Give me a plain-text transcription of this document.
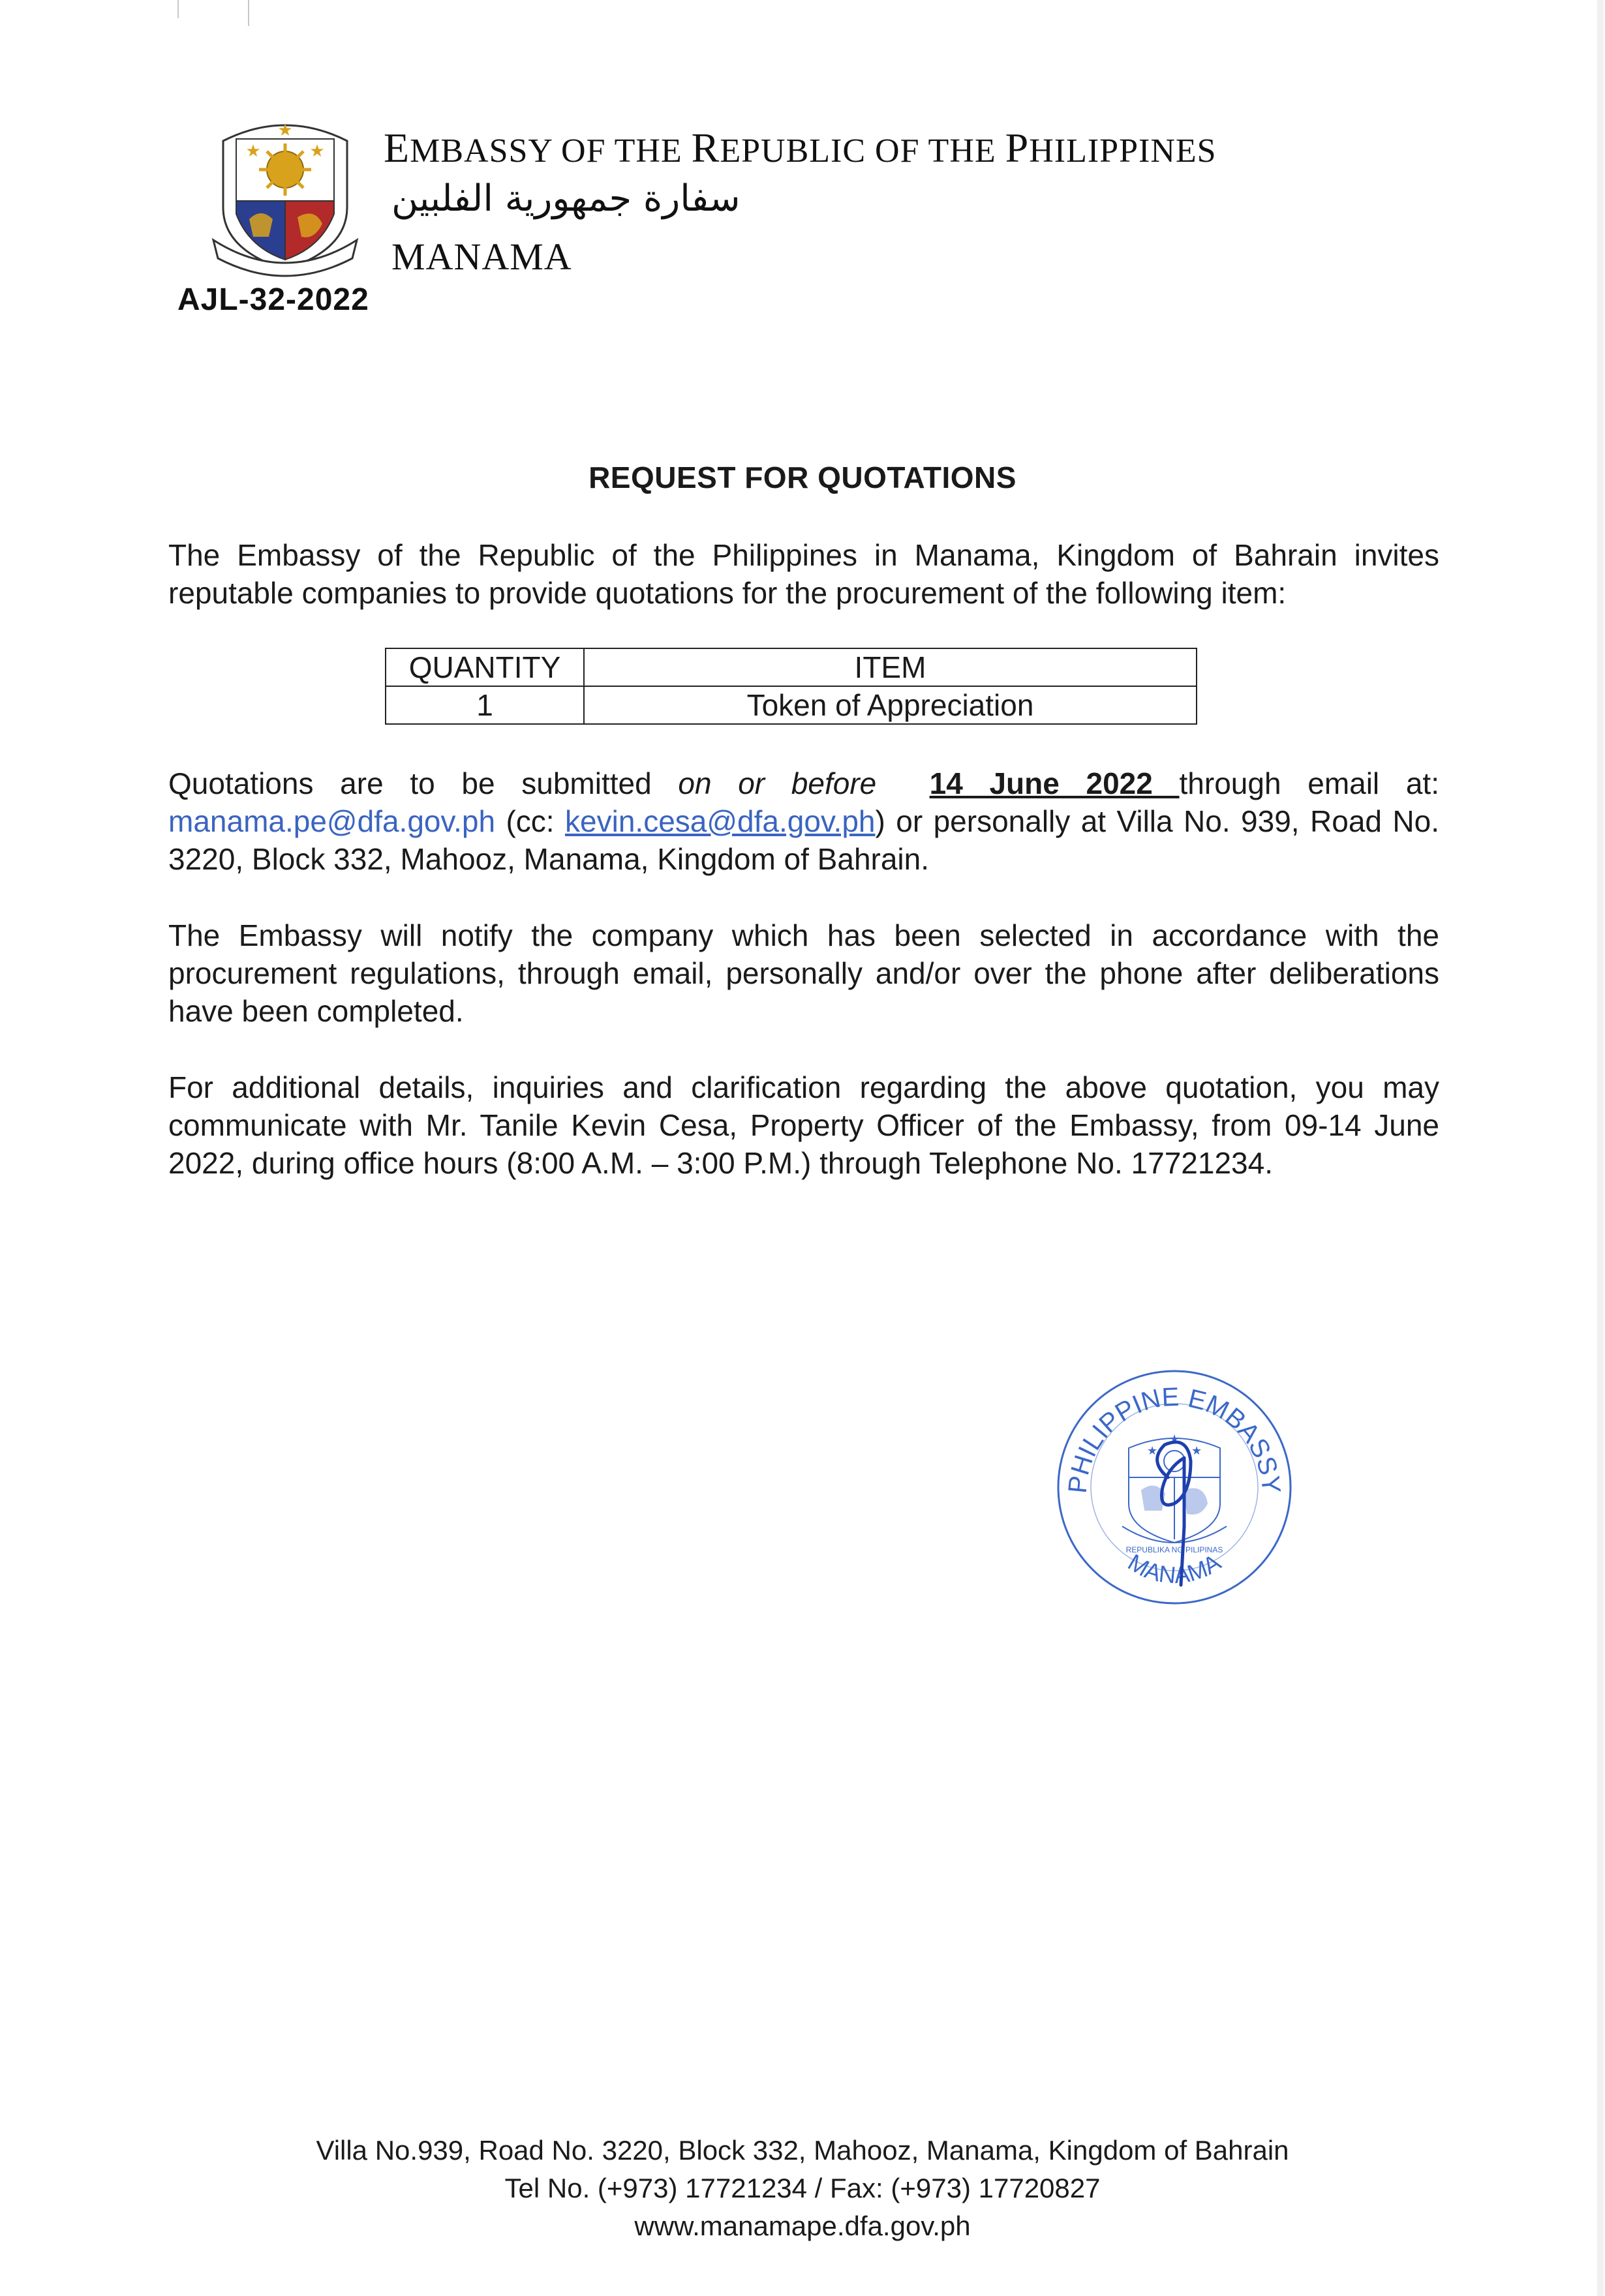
★	★
★ EMBASSY OF THE REPUBLIC OF THE PHILIPPINES
سفارة جمهورية الفلبين
MANAMA
AJL-32-2022
REQUEST FOR QUOTATIONS
The Embassy of the Republic of the Philippines in Manama, Kingdom of Bahrain invites reputable companies to provide quotations for the procurement of the following item:
QUANTITY	ITEM
1	Token of Appreciation
Quotations are to be submitted on or before 14 June 2022 through email at: manama.pe@dfa.gov.ph (cc: kevin.cesa@dfa.gov.ph) or personally at Villa No. 939, Road No. 3220, Block 332, Mahooz, Manama, Kingdom of Bahrain.
The Embassy will notify the company which has been selected in accordance with the procurement regulations, through email, personally and/or over the phone after deliberations have been completed.
For additional details, inquiries and clarification regarding the above quotation, you may communicate with Mr. Tanile Kevin Cesa, Property Officer of the Embassy, from 09-14 June 2022, during office hours (8:00 A.M. – 3:00 P.M.) through Telephone No. 17721234.
PHILIPPINE EMBASSY
MANAMA
REPUBLIKA NG PILIPINAS
★	★
★
Villa No.939, Road No. 3220, Block 332, Mahooz, Manama, Kingdom of Bahrain
Tel No. (+973) 17721234 / Fax: (+973) 17720827
www.manamape.dfa.gov.ph
